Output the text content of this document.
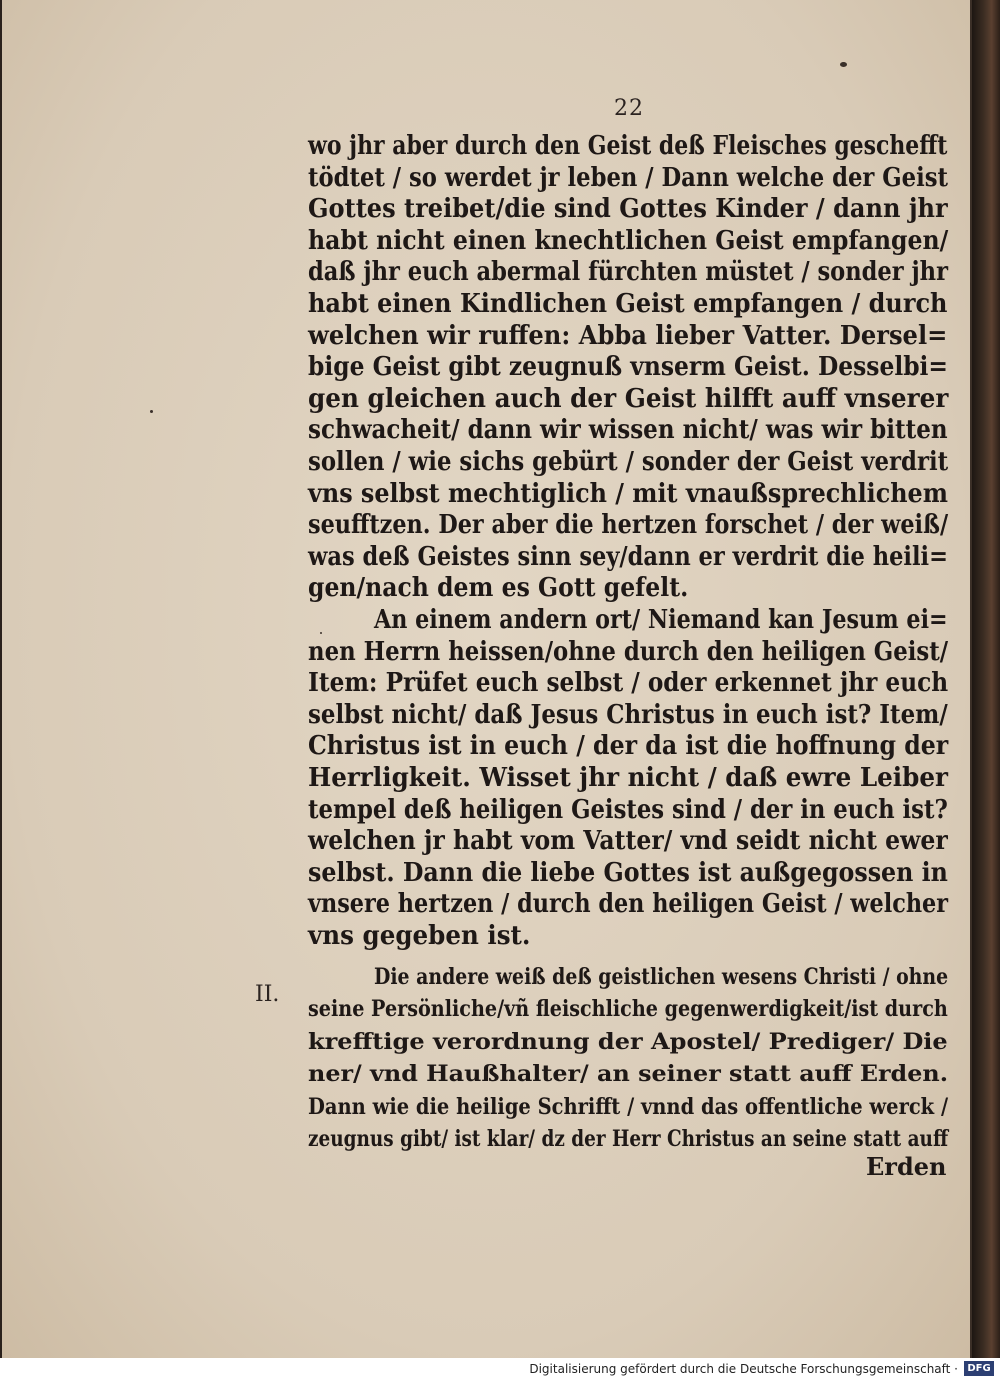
22
II.
wo jhr aber durch den Geist deß Fleisches geschefft
tödtet / so werdet jr leben / Dann welche der Geist
Gottes treibet/die sind Gottes Kinder / dann jhr
habt nicht einen knechtlichen Geist empfangen/
daß jhr euch abermal fürchten müstet / sonder jhr
habt einen Kindlichen Geist empfangen / durch
welchen wir ruffen: Abba lieber Vatter. Dersel=
bige Geist gibt zeugnuß vnserm Geist. Desselbi=
gen gleichen auch der Geist hilfft auff vnserer
schwacheit/ dann wir wissen nicht/ was wir bitten
sollen / wie sichs gebürt / sonder der Geist verdrit
vns selbst mechtiglich / mit vnaußsprechlichem
seufftzen. Der aber die hertzen forschet / der weiß/
was deß Geistes sinn sey/dann er verdrit die heili=
gen/nach dem es Gott gefelt.
An einem andern ort/ Niemand kan Jesum ei=
nen Herrn heissen/ohne durch den heiligen Geist/
Item: Prüfet euch selbst / oder erkennet jhr euch
selbst nicht/ daß Jesus Christus in euch ist? Item/
Christus ist in euch / der da ist die hoffnung der
Herrligkeit. Wisset jhr nicht / daß ewre Leiber
tempel deß heiligen Geistes sind / der in euch ist?
welchen jr habt vom Vatter/ vnd seidt nicht ewer
selbst. Dann die liebe Gottes ist außgegossen in
vnsere hertzen / durch den heiligen Geist / welcher
vns gegeben ist.
Die andere weiß deß geistlichen wesens Christi / ohne
seine Persönliche/vñ fleischliche gegenwerdigkeit/ist durch
krefftige verordnung der Apostel/ Prediger/ Die
ner/ vnd Haußhalter/ an seiner statt auff Erden.
Dann wie die heilige Schrifft / vnnd das offentliche werck /
zeugnus gibt/ ist klar/ dz der Herr Christus an seine statt auff
Erden
Digitalisierung gefördert durch die Deutsche Forschungsgemeinschaft · DFG
